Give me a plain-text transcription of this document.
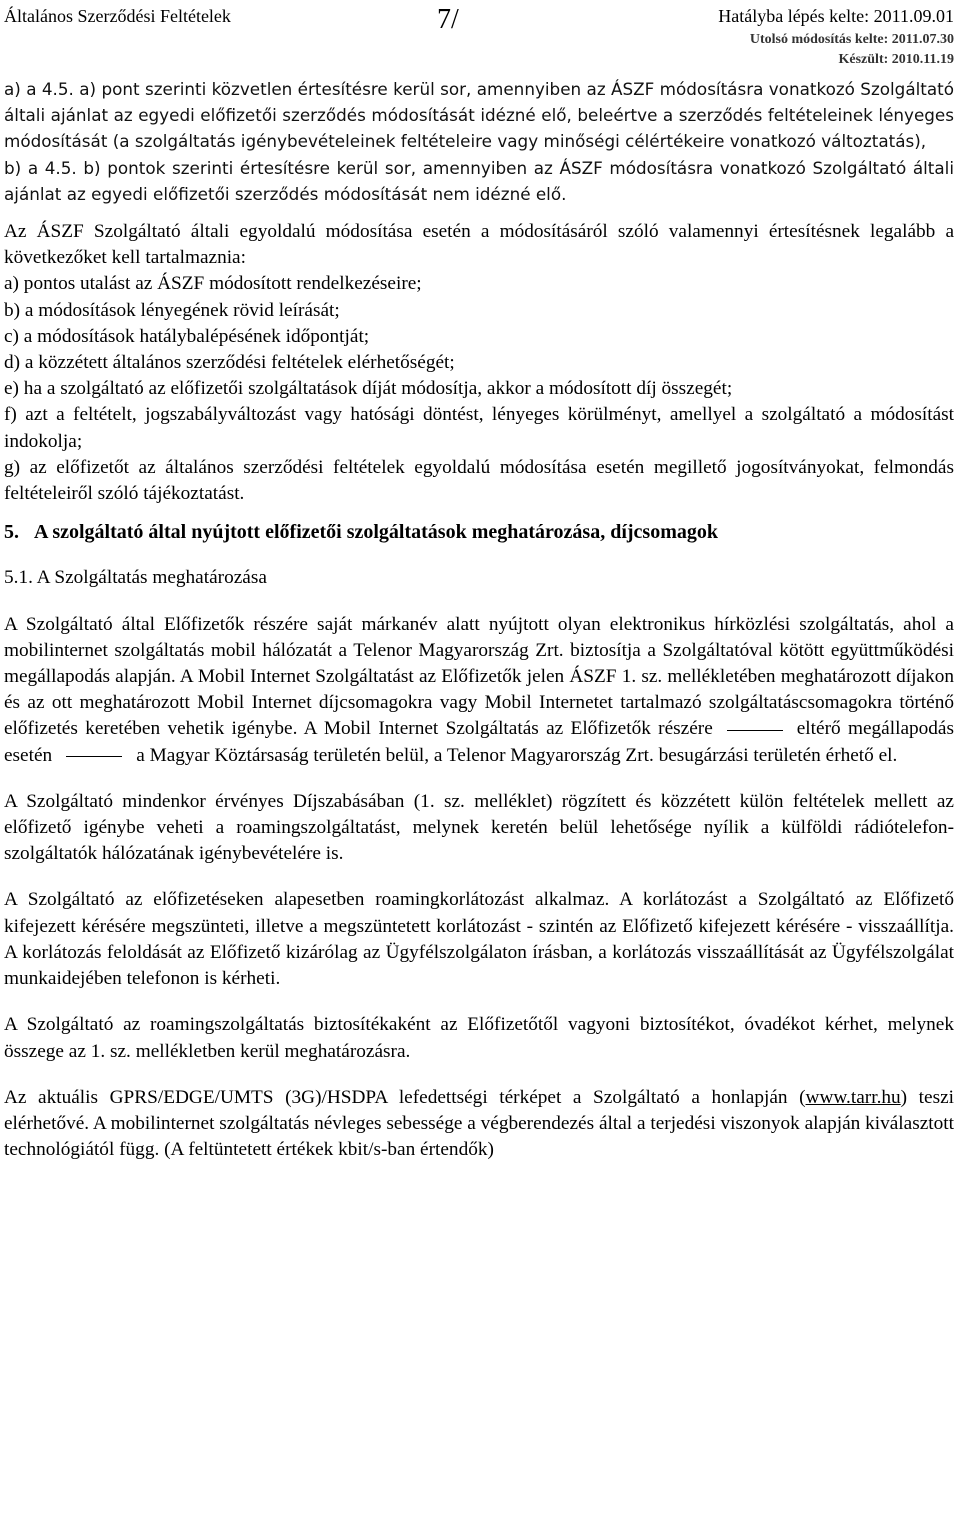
Általános Szerződési Feltételek	7/	Hatályba lépés kelte: 2011.09.01
Utolsó módosítás kelte: 2011.07.30
Készült: 2010.11.19

a) a 4.5. a) pont szerinti közvetlen értesítésre kerül sor, amennyiben az ÁSZF módosításra vonatkozó Szolgáltató általi ajánlat az egyedi előfizetői szerződés módosítását idézné elő, beleértve a szerződés feltételeinek lényeges módosítását (a szolgáltatás igénybevételeinek feltételeire vagy minőségi célértékeire vonatkozó változtatás),

b) a 4.5. b) pontok szerinti értesítésre kerül sor, amennyiben az ÁSZF módosításra vonatkozó Szolgáltató általi ajánlat az egyedi előfizetői szerződés módosítását nem idézné elő.

Az ÁSZF Szolgáltató általi egyoldalú módosítása esetén a módosításáról szóló valamennyi értesítésnek legalább a következőket kell tartalmaznia:

a) pontos utalást az ÁSZF módosított rendelkezéseire;

b) a módosítások lényegének rövid leírását;

c) a módosítások hatálybalépésének időpontját;

d) a közzétett általános szerződési feltételek elérhetőségét;

e) ha a szolgáltató az előfizetői szolgáltatások díját módosítja, akkor a módosított díj összegét;

f) azt a feltételt, jogszabályváltozást vagy hatósági döntést, lényeges körülményt, amellyel a szolgáltató a módosítást indokolja;

g) az előfizetőt az általános szerződési feltételek egyoldalú módosítása esetén megillető jogosítványokat, felmondás feltételeiről szóló tájékoztatást.

5.   A szolgáltató által nyújtott előfizetői szolgáltatások meghatározása, díjcsomagok

5.1. A Szolgáltatás meghatározása

A Szolgáltató által Előfizetők részére saját márkanév alatt nyújtott olyan elektronikus hírközlési szolgáltatás, ahol a mobilinternet szolgáltatás mobil hálózatát a Telenor Magyarország Zrt. biztosítja a Szolgáltatóval kötött együttműködési megállapodás alapján. A Mobil Internet Szolgáltatást az Előfizetők jelen ÁSZF 1. sz. mellékletében meghatározott díjakon és az ott meghatározott Mobil Internet díjcsomagokra vagy Mobil Internetet tartalmazó szolgáltatáscsomagokra történő előfizetés keretében vehetik igénybe. A Mobil Internet Szolgáltatás az Előfizetők részére	eltérő megállapodás esetén	a Magyar Köztársaság területén belül, a Telenor Magyarország Zrt. besugárzási területén érhető el.

A Szolgáltató mindenkor érvényes Díjszabásában (1. sz. melléklet) rögzített és közzétett külön feltételek mellett az előfizető igénybe veheti a roamingszolgáltatást, melynek keretén belül lehetősége nyílik a külföldi rádiótelefon-szolgáltatók hálózatának igénybevételére is.

A Szolgáltató az előfizetéseken alapesetben roamingkorlátozást alkalmaz. A korlátozást a Szolgáltató az Előfizető kifejezett kérésére megszünteti, illetve a megszüntetett korlátozást - szintén az Előfizető kifejezett kérésére - visszaállítja. A korlátozás feloldását az Előfizető kizárólag az Ügyfélszolgálaton írásban, a korlátozás visszaállítását az Ügyfélszolgálat munkaidejében telefonon is kérheti.

A Szolgáltató az roamingszolgáltatás biztosítékaként az Előfizetőtől vagyoni biztosítékot, óvadékot kérhet, melynek összege az 1. sz. mellékletben kerül meghatározásra.

Az aktuális GPRS/EDGE/UMTS (3G)/HSDPA lefedettségi térképet a Szolgáltató a honlapján (www.tarr.hu) teszi elérhetővé. A mobilinternet szolgáltatás névleges sebessége a végberendezés által a terjedési viszonyok alapján kiválasztott technológiától függ. (A feltüntetett értékek kbit/s-ban értendők)
